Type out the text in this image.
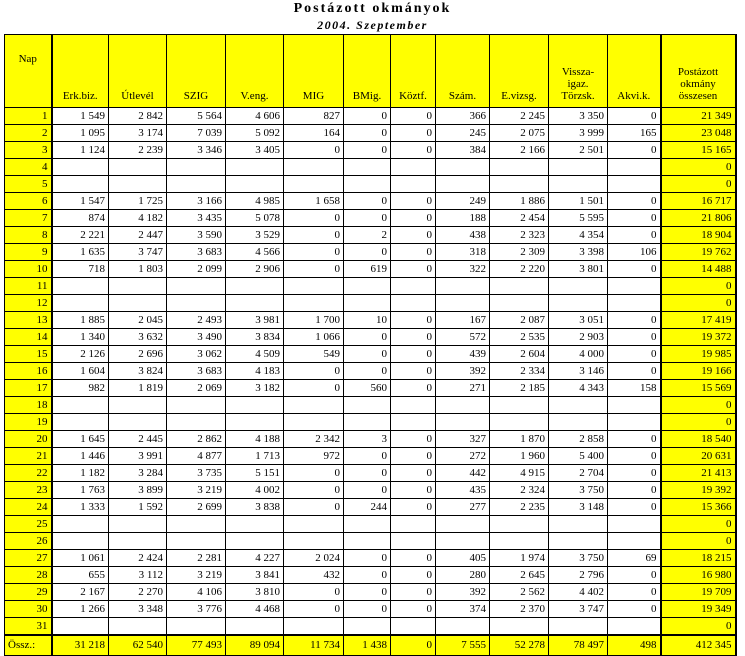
Postázott okmányok
2004. Szeptember
Nap	Erk.biz.	Útlevél	SZIG	V.eng.	MIG	BMig.	Köztf.	Szám.	E.vizsg.	Vissza-igaz. Törzsk.	Akvi.k.	Postázott okmány összesen
1	1 549	2 842	5 564	4 606	827	0	0	366	2 245	3 350	0	21 349
2	1 095	3 174	7 039	5 092	164	0	0	245	2 075	3 999	165	23 048
3	1 124	2 239	3 346	3 405	0	0	0	384	2 166	2 501	0	15 165
4												0
5												0
6	1 547	1 725	3 166	4 985	1 658	0	0	249	1 886	1 501	0	16 717
7	874	4 182	3 435	5 078	0	0	0	188	2 454	5 595	0	21 806
8	2 221	2 447	3 590	3 529	0	2	0	438	2 323	4 354	0	18 904
9	1 635	3 747	3 683	4 566	0	0	0	318	2 309	3 398	106	19 762
10	718	1 803	2 099	2 906	0	619	0	322	2 220	3 801	0	14 488
11												0
12												0
13	1 885	2 045	2 493	3 981	1 700	10	0	167	2 087	3 051	0	17 419
14	1 340	3 632	3 490	3 834	1 066	0	0	572	2 535	2 903	0	19 372
15	2 126	2 696	3 062	4 509	549	0	0	439	2 604	4 000	0	19 985
16	1 604	3 824	3 683	4 183	0	0	0	392	2 334	3 146	0	19 166
17	982	1 819	2 069	3 182	0	560	0	271	2 185	4 343	158	15 569
18												0
19												0
20	1 645	2 445	2 862	4 188	2 342	3	0	327	1 870	2 858	0	18 540
21	1 446	3 991	4 877	1 713	972	0	0	272	1 960	5 400	0	20 631
22	1 182	3 284	3 735	5 151	0	0	0	442	4 915	2 704	0	21 413
23	1 763	3 899	3 219	4 002	0	0	0	435	2 324	3 750	0	19 392
24	1 333	1 592	2 699	3 838	0	244	0	277	2 235	3 148	0	15 366
25												0
26												0
27	1 061	2 424	2 281	4 227	2 024	0	0	405	1 974	3 750	69	18 215
28	655	3 112	3 219	3 841	432	0	0	280	2 645	2 796	0	16 980
29	2 167	2 270	4 106	3 810	0	0	0	392	2 562	4 402	0	19 709
30	1 266	3 348	3 776	4 468	0	0	0	374	2 370	3 747	0	19 349
31												0
Össz.:	31 218	62 540	77 493	89 094	11 734	1 438	0	7 555	52 278	78 497	498	412 345
